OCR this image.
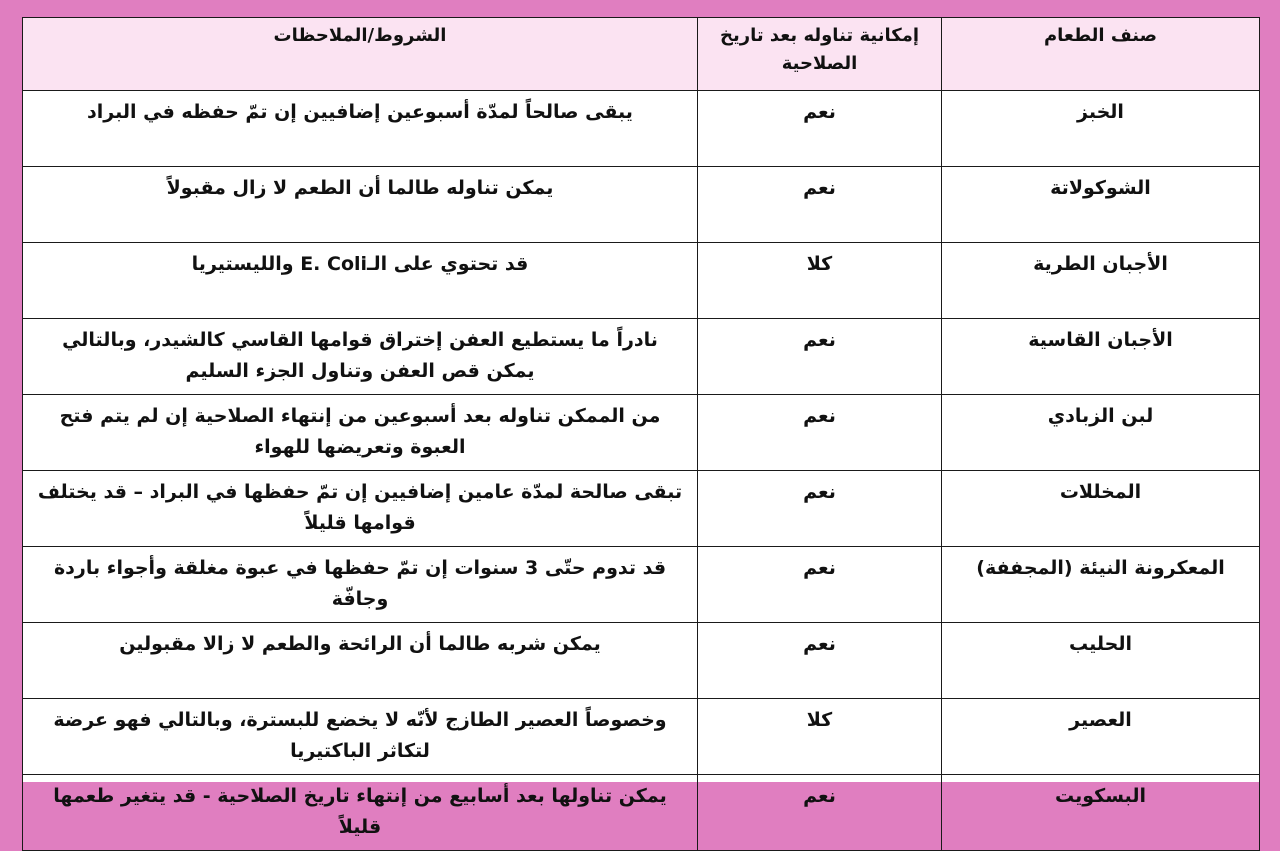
صنف الطعام	إمكانية تناوله بعد تاريخ الصلاحية	الشروط/الملاحظات
الخبز	نعم	يبقى صالحاً لمدّة أسبوعين إضافيين إن تمّ حفظه في البراد
الشوكولاتة	نعم	يمكن تناوله طالما أن الطعم لا زال مقبولاً
الأجبان الطرية	كلا	قد تحتوي على الـE. Coli والليستيريا
الأجبان القاسية	نعم	نادراً ما يستطيع العفن إختراق قوامها القاسي كالشيدر، وبالتالي يمكن قص العفن وتناول الجزء السليم
لبن الزبادي	نعم	من الممكن تناوله بعد أسبوعين من إنتهاء الصلاحية إن لم يتم فتح العبوة وتعريضها للهواء
المخللات	نعم	تبقى صالحة لمدّة عامين إضافيين إن تمّ حفظها في البراد – قد يختلف قوامها قليلاً
المعكرونة النيئة (المجففة)	نعم	قد تدوم حتّى 3 سنوات إن تمّ حفظها في عبوة مغلقة وأجواء باردة وجافّة
الحليب	نعم	يمكن شربه طالما أن الرائحة والطعم لا زالا مقبولين
العصير	كلا	وخصوصاً العصير الطازج لأنّه لا يخضع للبسترة، وبالتالي فهو عرضة لتكاثر الباكتيريا
البسكويت	نعم	يمكن تناولها بعد أسابيع من إنتهاء تاريخ الصلاحية - قد يتغير طعمها قليلاً
